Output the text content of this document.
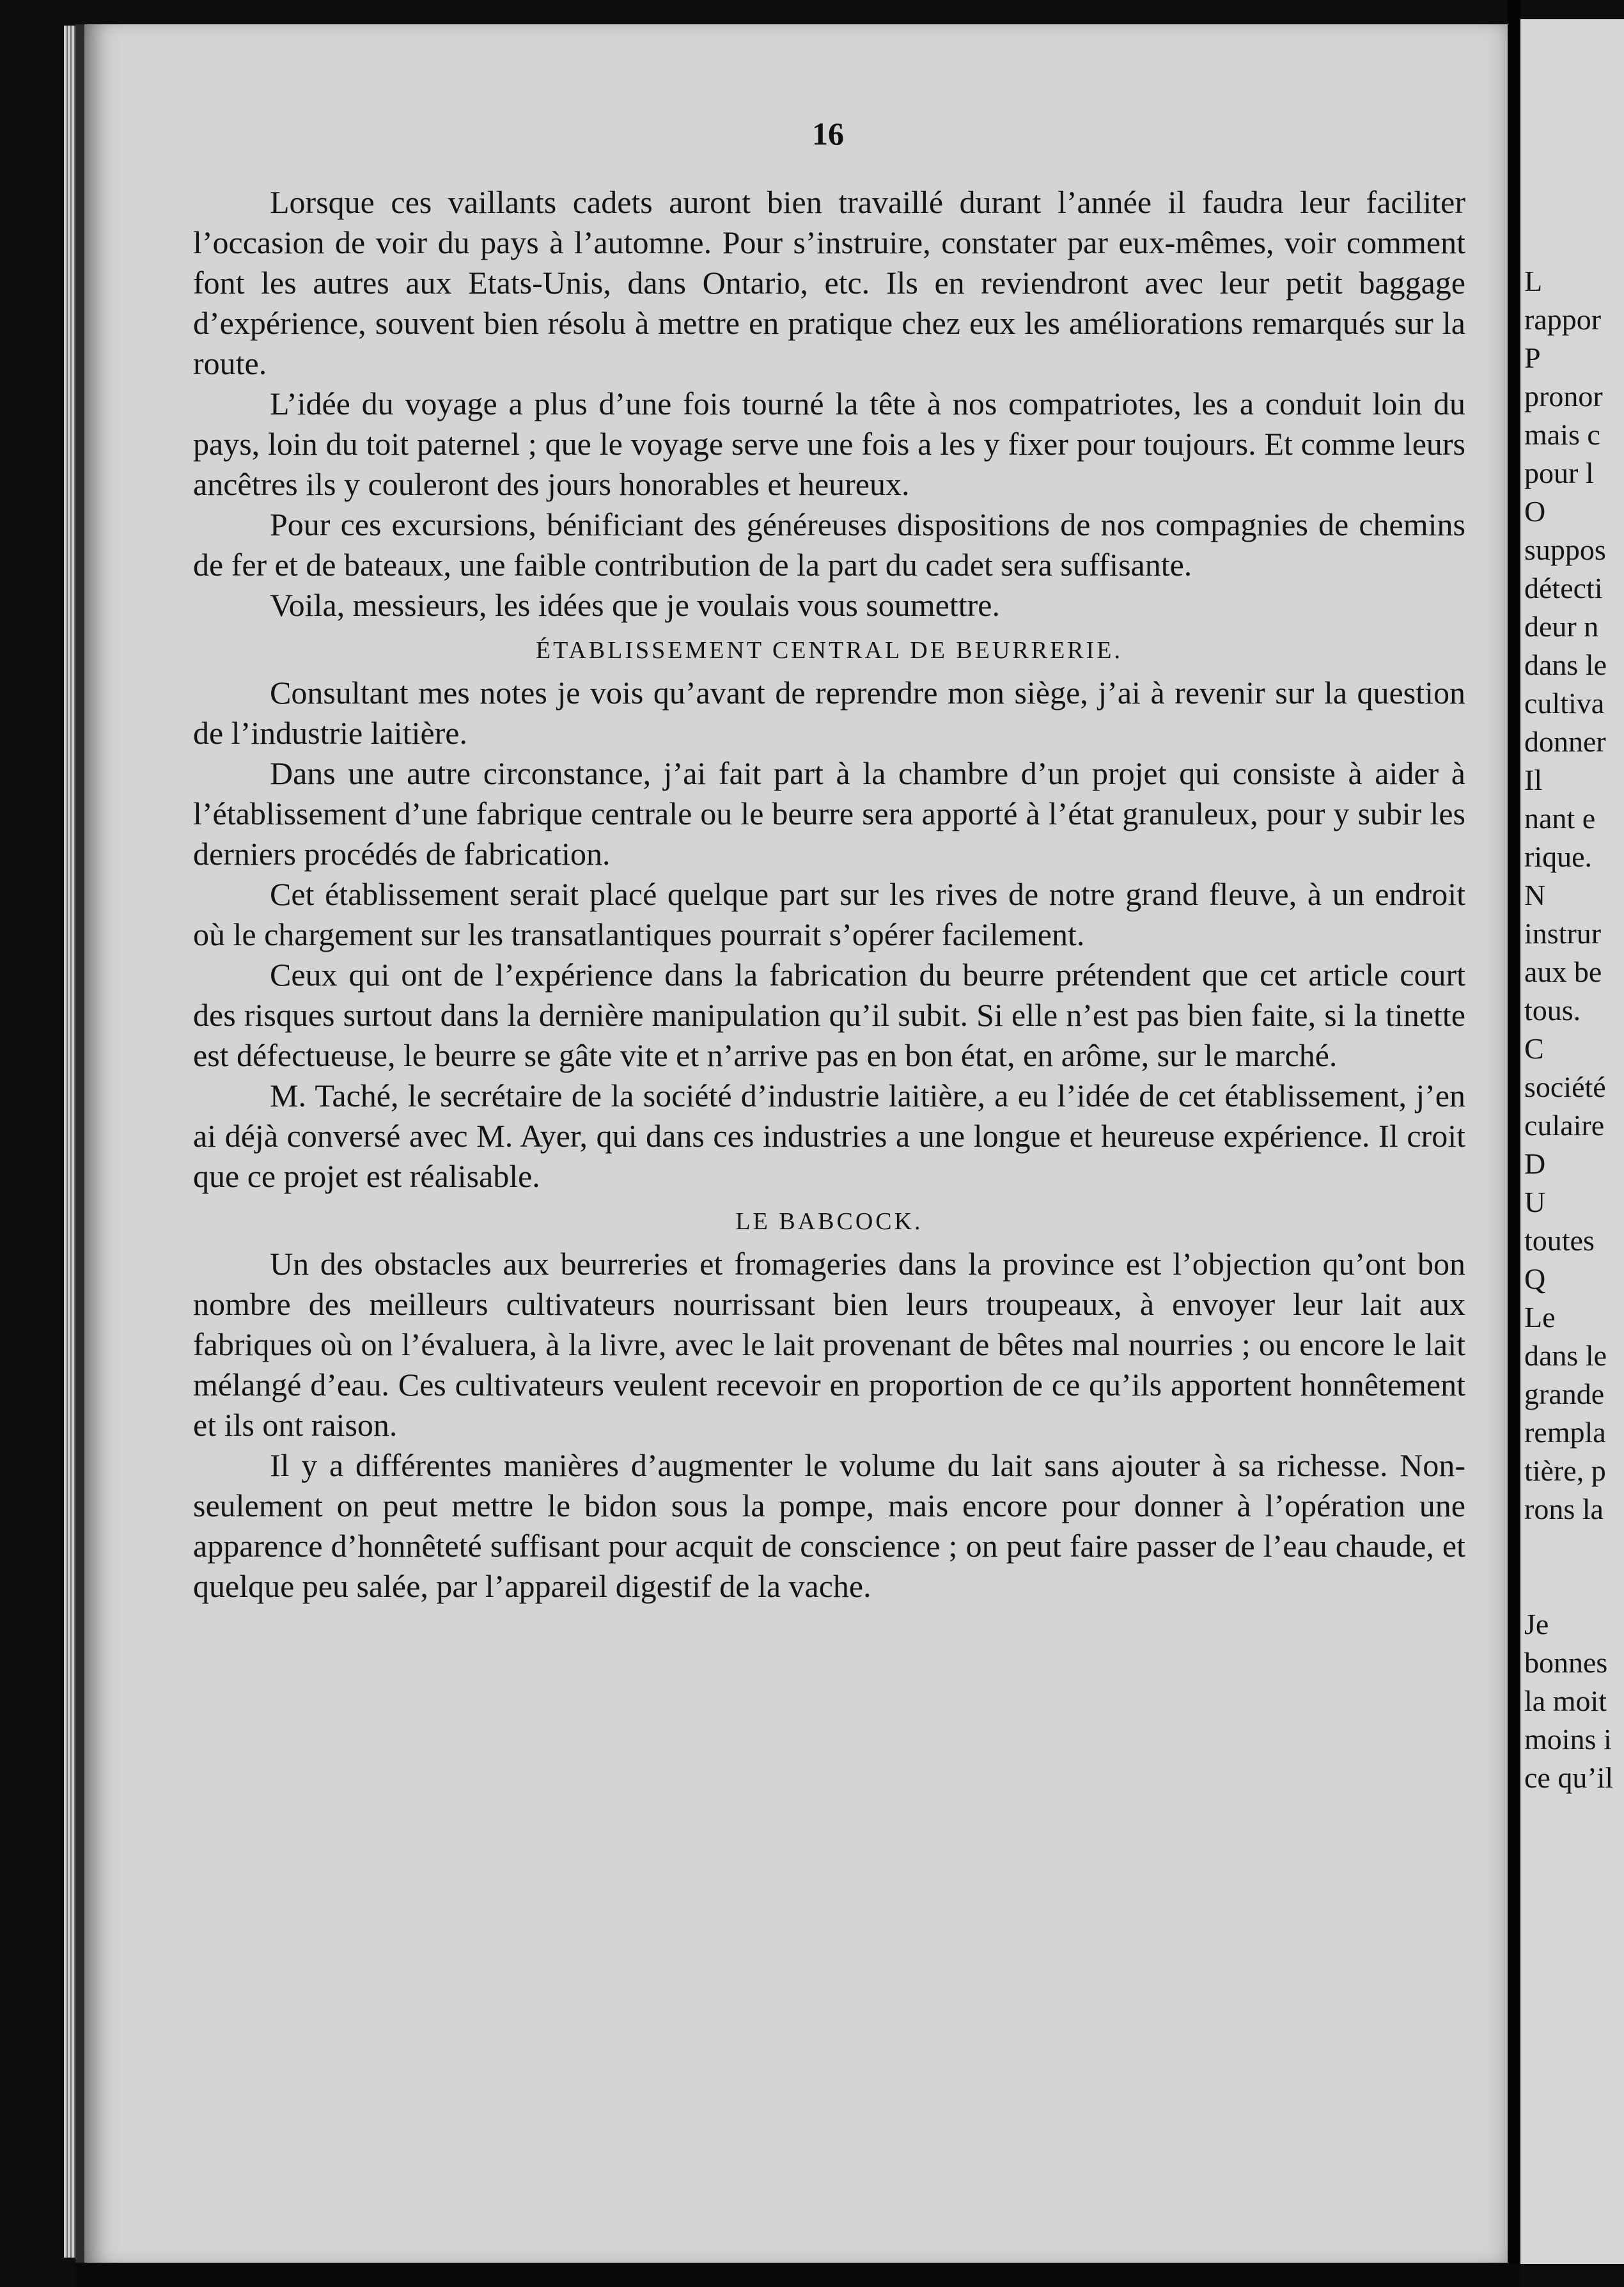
16

Lorsque ces vaillants cadets auront bien travaillé durant l’année il faudra leur faciliter l’occasion de voir du pays à l’automne. Pour s’instruire, constater par eux-mêmes, voir comment font les autres aux Etats-Unis, dans Ontario, etc. Ils en reviendront avec leur petit baggage d’expérience, souvent bien résolu à mettre en pratique chez eux les améliorations remarqués sur la route.

L’idée du voyage a plus d’une fois tourné la tête à nos compatriotes, les a conduit loin du pays, loin du toit paternel ; que le voyage serve une fois a les y fixer pour toujours. Et comme leurs ancêtres ils y couleront des jours honorables et heureux.

Pour ces excursions, bénificiant des généreuses dispositions de nos compagnies de chemins de fer et de bateaux, une faible contribution de la part du cadet sera suffisante.

Voila, messieurs, les idées que je voulais vous soumettre.

ÉTABLISSEMENT CENTRAL DE BEURRERIE.

Consultant mes notes je vois qu’avant de reprendre mon siège, j’ai à revenir sur la question de l’industrie laitière.

Dans une autre circonstance, j’ai fait part à la chambre d’un projet qui consiste à aider à l’établissement d’une fabrique centrale ou le beurre sera apporté à l’état granuleux, pour y subir les derniers procédés de fabrication.

Cet établissement serait placé quelque part sur les rives de notre grand fleuve, à un endroit où le chargement sur les transatlantiques pourrait s’opérer facilement.

Ceux qui ont de l’expérience dans la fabrication du beurre prétendent que cet article court des risques surtout dans la dernière manipulation qu’il subit. Si elle n’est pas bien faite, si la tinette est défectueuse, le beurre se gâte vite et n’arrive pas en bon état, en arôme, sur le marché.

M. Taché, le secrétaire de la société d’industrie laitière, a eu l’idée de cet établissement, j’en ai déjà conversé avec M. Ayer, qui dans ces industries a une longue et heureuse expérience. Il croit que ce projet est réalisable.

LE BABCOCK.

Un des obstacles aux beurreries et fromageries dans la province est l’objection qu’ont bon nombre des meilleurs cultivateurs nourrissant bien leurs troupeaux, à envoyer leur lait aux fabriques où on l’évaluera, à la livre, avec le lait provenant de bêtes mal nourries ; ou encore le lait mélangé d’eau. Ces cultivateurs veulent recevoir en proportion de ce qu’ils apportent honnêtement et ils ont raison.

Il y a différentes manières d’augmenter le volume du lait sans ajouter à sa richesse. Non-seulement on peut mettre le bidon sous la pompe, mais encore pour donner à l’opération une apparence d’honnêteté suffisant pour acquit de conscience ; on peut faire passer de l’eau chaude, et quelque peu salée, par l’appareil digestif de la vache.

L
rappor
P
pronor
mais c
pour l
O
suppos
détecti
deur n
dans le
cultiva
donner
Il
nant e
rique.
N
instrur
aux be
tous.
C
société
culaire
D
U
toutes
Q
Le
dans le
grande
rempla
tière, p
rons la
Je
bonnes
la moit
moins i
ce qu’il
